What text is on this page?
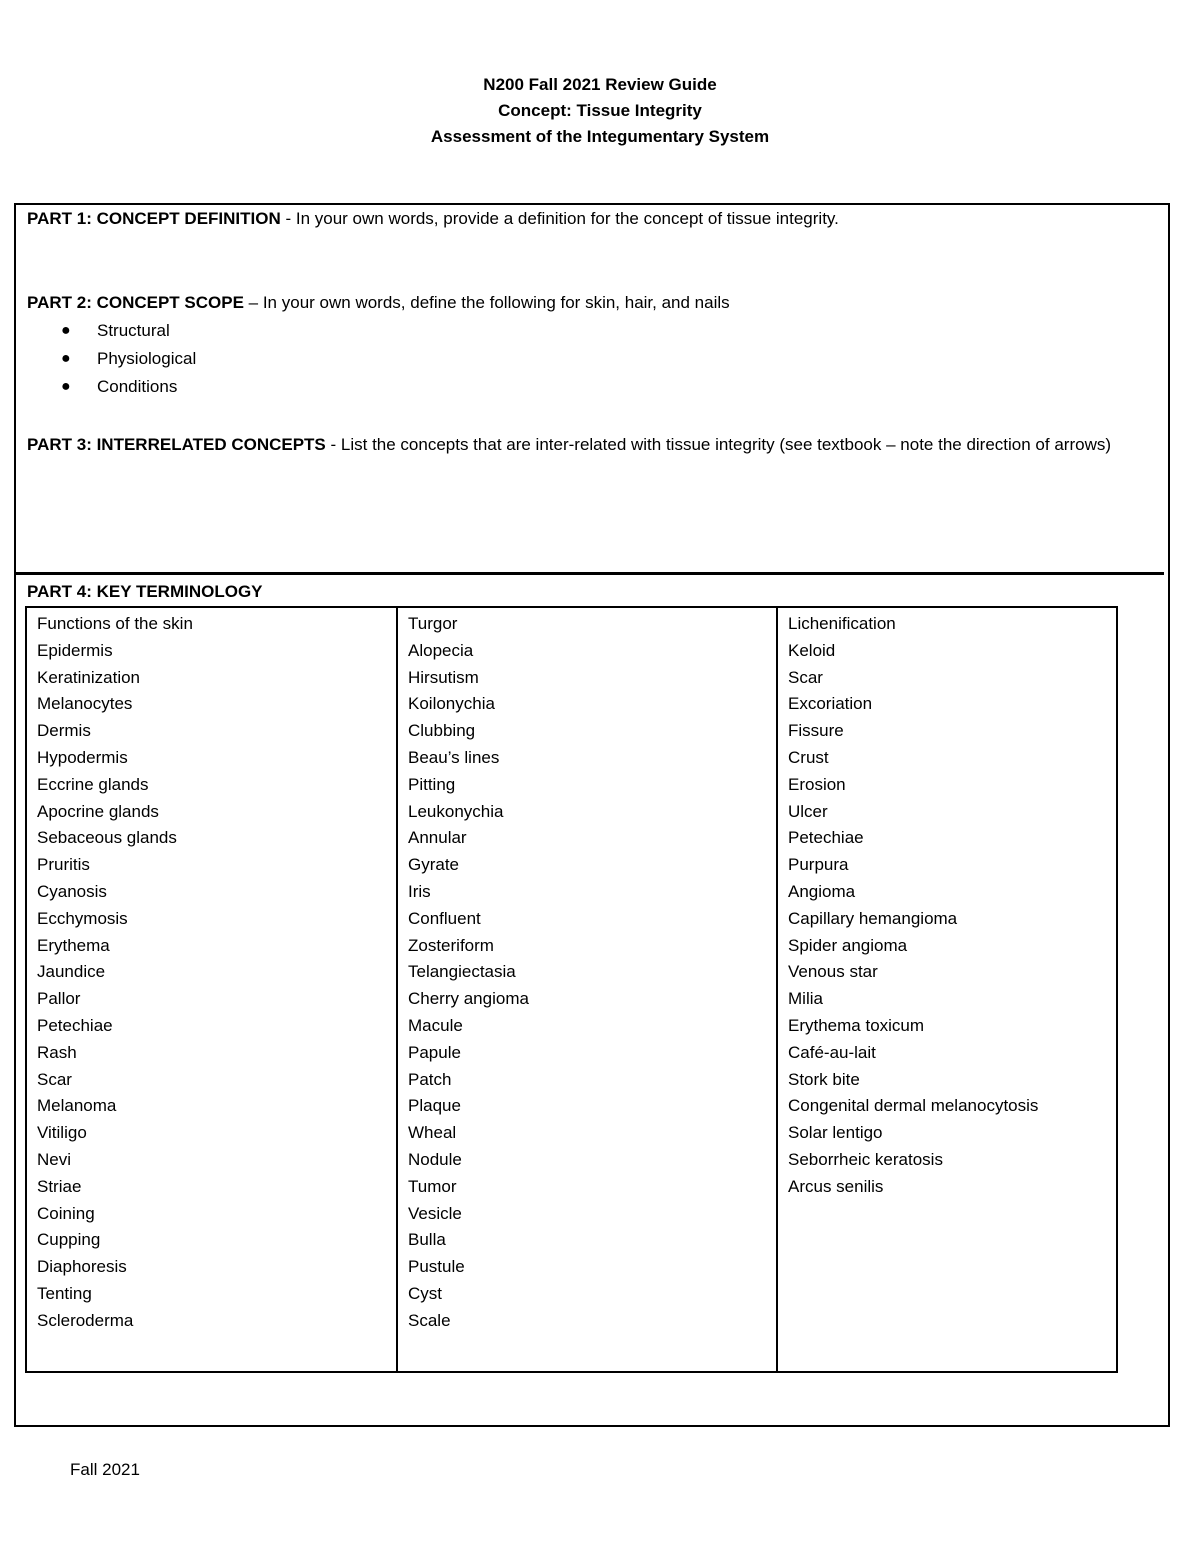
N200 Fall 2021 Review Guide
Concept: Tissue Integrity
Assessment of the Integumentary System
PART 1: CONCEPT DEFINITION - In your own words, provide a definition for the concept of tissue integrity.
PART 2: CONCEPT SCOPE – In your own words, define the following for skin, hair, and nails
● Structural
● Physiological
● Conditions
PART 3: INTERRELATED CONCEPTS - List the concepts that are inter-related with tissue integrity (see textbook – note the direction of arrows)
PART 4: KEY TERMINOLOGY
Functions of the skin
Epidermis
Keratinization
Melanocytes
Dermis
Hypodermis
Eccrine glands
Apocrine glands
Sebaceous glands
Pruritis
Cyanosis
Ecchymosis
Erythema
Jaundice
Pallor
Petechiae
Rash
Scar
Melanoma
Vitiligo
Nevi
Striae
Coining
Cupping
Diaphoresis
Tenting
Scleroderma
Turgor
Alopecia
Hirsutism
Koilonychia
Clubbing
Beau’s lines
Pitting
Leukonychia
Annular
Gyrate
Iris
Confluent
Zosteriform
Telangiectasia
Cherry angioma
Macule
Papule
Patch
Plaque
Wheal
Nodule
Tumor
Vesicle
Bulla
Pustule
Cyst
Scale
Lichenification
Keloid
Scar
Excoriation
Fissure
Crust
Erosion
Ulcer
Petechiae
Purpura
Angioma
Capillary hemangioma
Spider angioma
Venous star
Milia
Erythema toxicum
Café-au-lait
Stork bite
Congenital dermal melanocytosis
Solar lentigo
Seborrheic keratosis
Arcus senilis
Fall 2021
